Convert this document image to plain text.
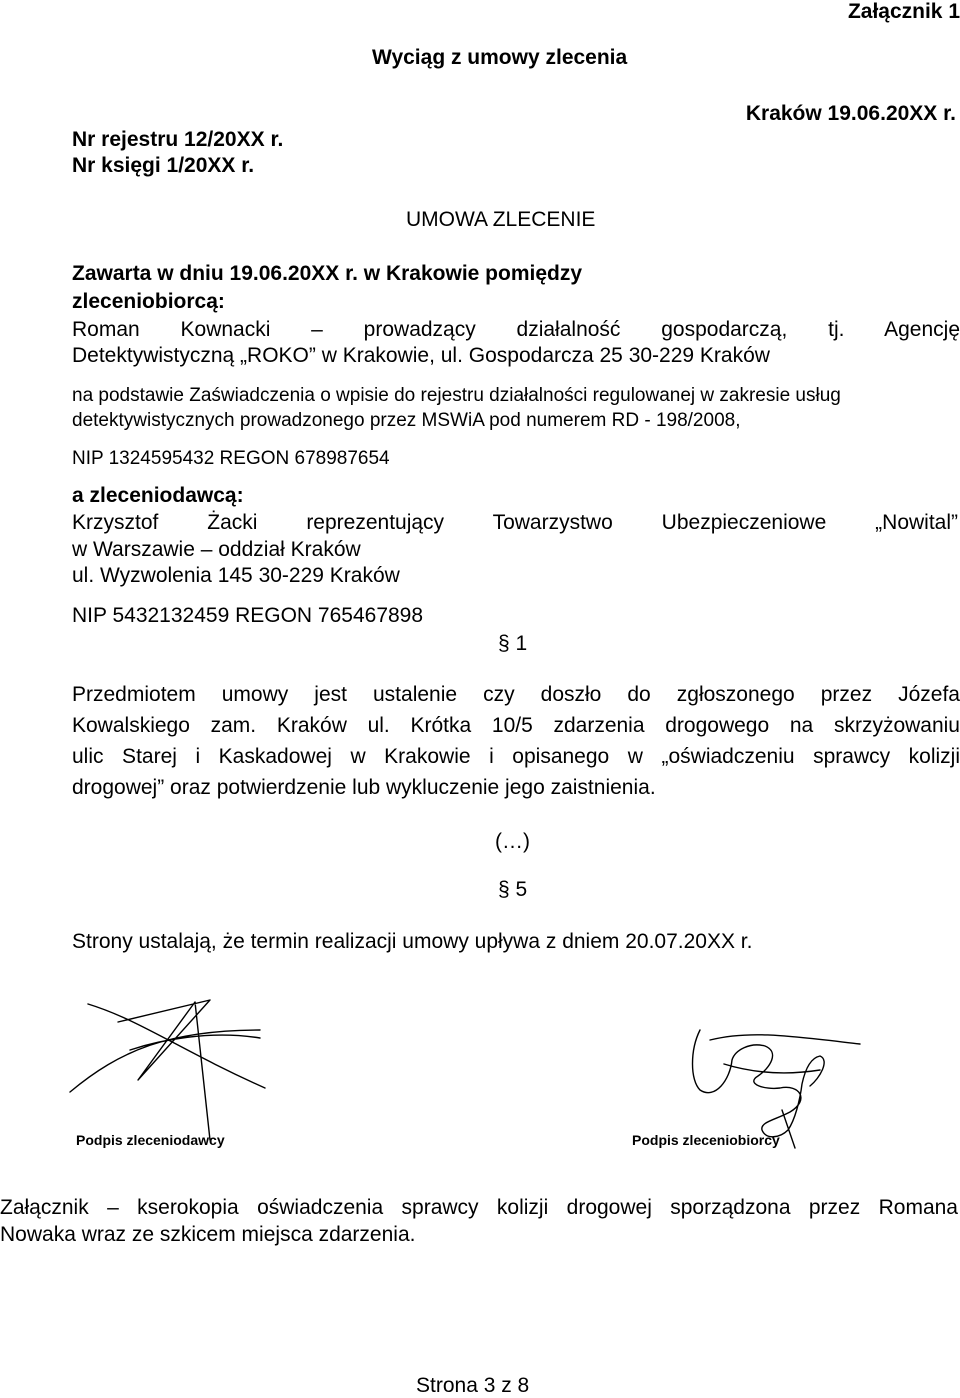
Załącznik 1
Wyciąg z umowy zlecenia
Kraków 19.06.20XX r.
Nr rejestru 12/20XX r.
Nr księgi 1/20XX r.
UMOWA ZLECENIE
Zawarta w dniu 19.06.20XX r. w Krakowie pomiędzy
zleceniobiorcą:
Roman Kownacki – prowadzący działalność gospodarczą, tj. Agencję
Detektywistyczną „ROKO” w Krakowie, ul. Gospodarcza 25 30-229 Kraków
na podstawie Zaświadczenia o wpisie do rejestru działalności regulowanej w zakresie usług
detektywistycznych prowadzonego przez MSWiA pod numerem RD - 198/2008,
NIP 1324595432 REGON 678987654
a zleceniodawcą:
Krzysztof Żacki reprezentujący Towarzystwo Ubezpieczeniowe „Nowital”
w Warszawie – oddział Kraków
ul. Wyzwolenia 145 30-229 Kraków
NIP 5432132459 REGON 765467898
§ 1
Przedmiotem umowy jest ustalenie czy doszło do zgłoszonego przez Józefa
Kowalskiego zam. Kraków ul. Krótka 10/5 zdarzenia drogowego na skrzyżowaniu
ulic Starej i Kaskadowej w Krakowie i opisanego w „oświadczeniu sprawcy kolizji
drogowej” oraz potwierdzenie lub wykluczenie jego zaistnienia.
(…)
§ 5
Strony ustalają, że termin realizacji umowy upływa z dniem 20.07.20XX r.
Podpis zleceniodawcy	Podpis zleceniobiorcy
Załącznik – kserokopia oświadczenia sprawcy kolizji drogowej sporządzona przez Romana
Nowaka wraz ze szkicem miejsca zdarzenia.
Strona 3 z 8
